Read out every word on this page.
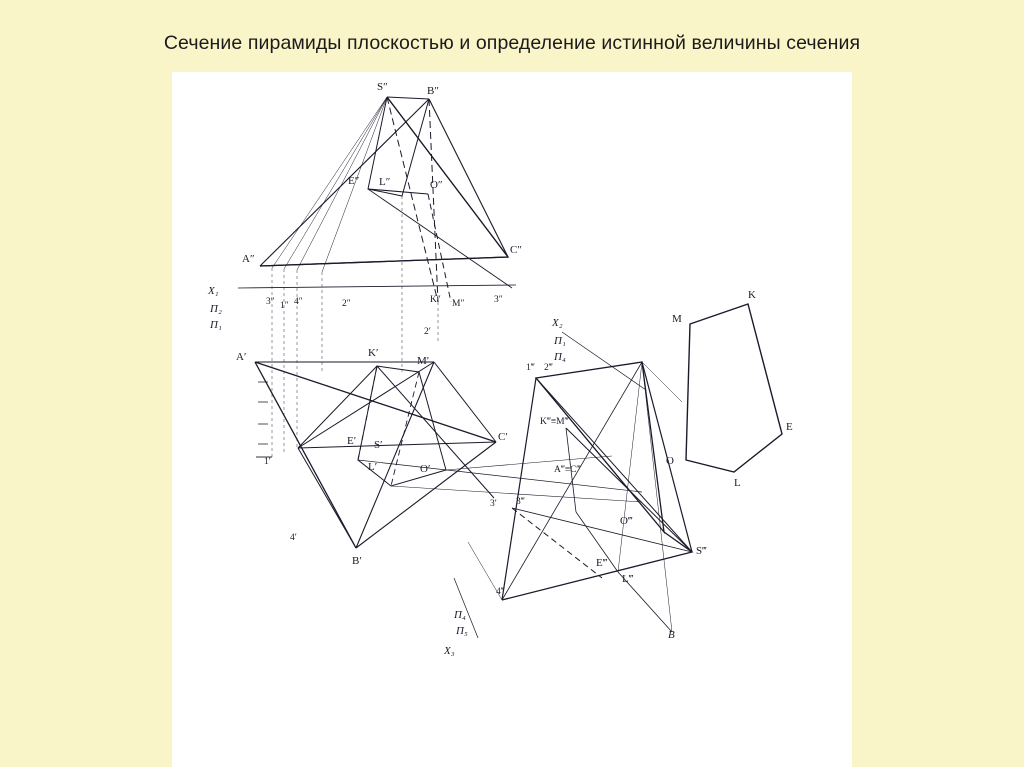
Сечение пирамиды плоскостью и определение истинной величины сечения
S″	B″
E″ L″	O″
A″
C″
K″ M″
3″ 1″ 4″	2″	3″
X₁
П₂
П₁
A′	K′
M′
E′ S′
L′	O′
C′
B′
1′
2′
3′
4′
X₂
П₁
П₄
1‴ 2‴
3‴
4‴
K‴≡M‴
A‴≡C‴
O‴
E‴
L‴
S‴
B
П₄
П₅
X₃
M
K
E
L
O
